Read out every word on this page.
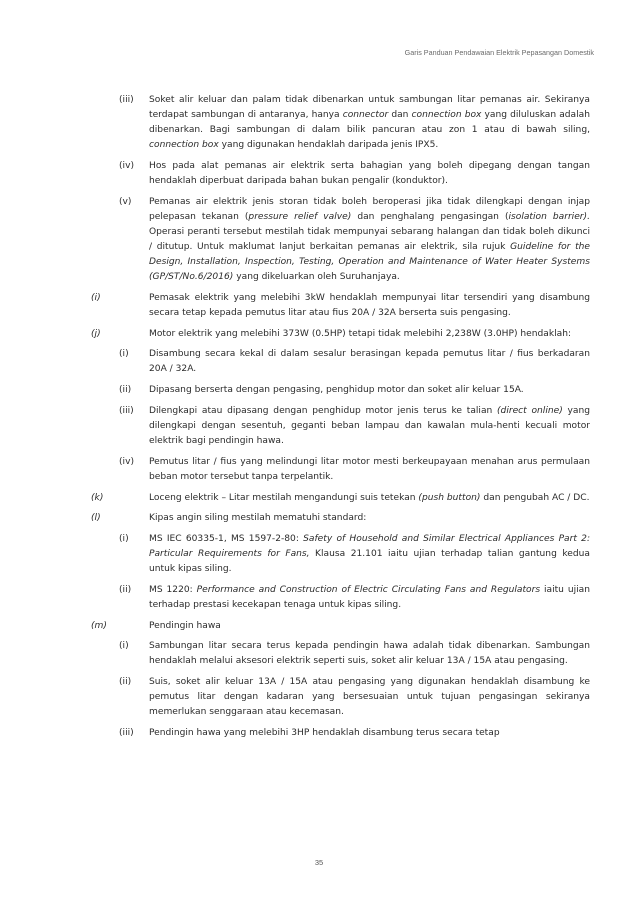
Garis Panduan Pendawaian Elektrik Pepasangan Domestik
(iii)	Soket alir keluar dan palam tidak dibenarkan untuk sambungan litar pemanas air. Sekiranya terdapat sambungan di antaranya, hanya connector dan connection box yang diluluskan adalah dibenarkan. Bagi sambungan di dalam bilik pancuran atau zon 1 atau di bawah siling, connection box yang digunakan hendaklah daripada jenis IPX5.
(iv)	Hos pada alat pemanas air elektrik serta bahagian yang boleh dipegang dengan tangan hendaklah diperbuat daripada bahan bukan pengalir (konduktor).
(v)	Pemanas air elektrik jenis storan tidak boleh beroperasi jika tidak dilengkapi dengan injap pelepasan tekanan (pressure relief valve) dan penghalang pengasingan (isolation barrier). Operasi peranti tersebut mestilah tidak mempunyai sebarang halangan dan tidak boleh dikunci / ditutup. Untuk maklumat lanjut berkaitan pemanas air elektrik, sila rujuk Guideline for the Design, Installation, Inspection, Testing, Operation and Maintenance of Water Heater Systems (GP/ST/No.6/2016) yang dikeluarkan oleh Suruhanjaya.
(i)	Pemasak elektrik yang melebihi 3kW hendaklah mempunyai litar tersendiri yang disambung secara tetap kepada pemutus litar atau fius 20A / 32A berserta suis pengasing.
(j)	Motor elektrik yang melebihi 373W (0.5HP) tetapi tidak melebihi 2,238W (3.0HP) hendaklah:
(i)	Disambung secara kekal di dalam sesalur berasingan kepada pemutus litar / fius berkadaran 20A / 32A.
(ii)	Dipasang berserta dengan pengasing, penghidup motor dan soket alir keluar 15A.
(iii)	Dilengkapi atau dipasang dengan penghidup motor jenis terus ke talian (direct online) yang dilengkapi dengan sesentuh, geganti beban lampau dan kawalan mula-henti kecuali motor elektrik bagi pendingin hawa.
(iv)	Pemutus litar / fius yang melindungi litar motor mesti berkeupayaan menahan arus permulaan beban motor tersebut tanpa terpelantik.
(k)	Loceng elektrik – Litar mestilah mengandungi suis tetekan (push button) dan pengubah AC / DC.
(l)	Kipas angin siling mestilah mematuhi standard:
(i)	MS IEC 60335-1, MS 1597-2-80: Safety of Household and Similar Electrical Appliances Part 2: Particular Requirements for Fans, Klausa 21.101 iaitu ujian terhadap talian gantung kedua untuk kipas siling.
(ii)	MS 1220: Performance and Construction of Electric Circulating Fans and Regulators iaitu ujian terhadap prestasi kecekapan tenaga untuk kipas siling.
(m)	Pendingin hawa
(i)	Sambungan litar secara terus kepada pendingin hawa adalah tidak dibenarkan. Sambungan hendaklah melalui aksesori elektrik seperti suis, soket alir keluar 13A / 15A atau pengasing.
(ii)	Suis, soket alir keluar 13A / 15A atau pengasing yang digunakan hendaklah disambung ke pemutus litar dengan kadaran yang bersesuaian untuk tujuan pengasingan sekiranya memerlukan senggaraan atau kecemasan.
(iii)	Pendingin hawa yang melebihi 3HP hendaklah disambung terus secara tetap
35
